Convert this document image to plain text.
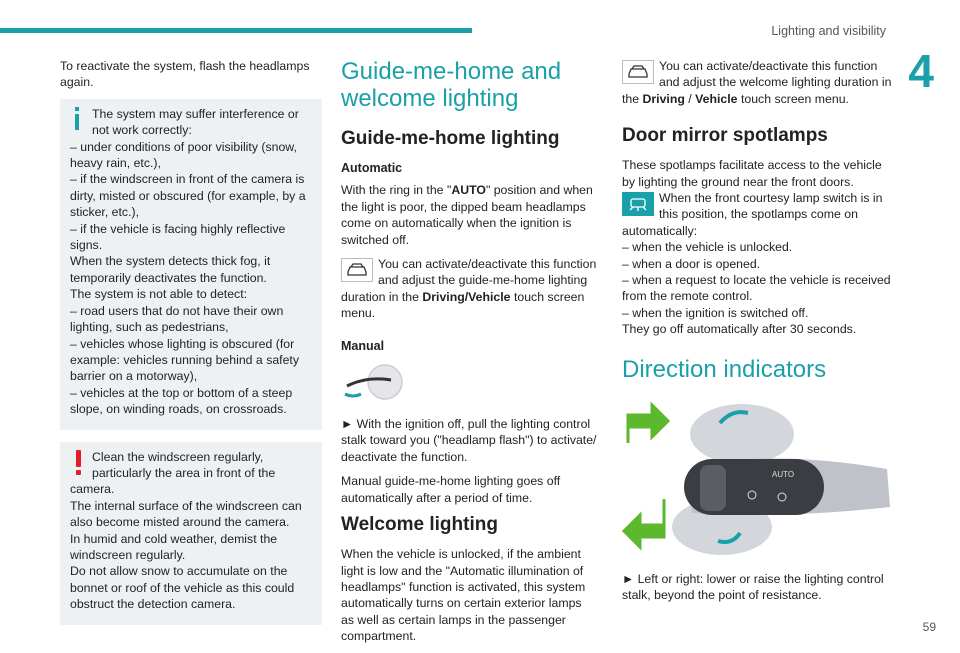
Lighting and visibility
4
59

To reactivate the system, flash the headlamps again.

The system may suffer interference or not work correctly:
– under conditions of poor visibility (snow, heavy rain, etc.),
– if the windscreen in front of the camera is dirty, misted or obscured (for example, by a sticker, etc.),
– if the vehicle is facing highly reflective signs.
When the system detects thick fog, it temporarily deactivates the function.
The system is not able to detect:
– road users that do not have their own lighting, such as pedestrians,
– vehicles whose lighting is obscured (for example: vehicles running behind a safety barrier on a motorway),
– vehicles at the top or bottom of a steep slope, on winding roads, on crossroads.
Clean the windscreen regularly, particularly the area in front of the camera.
The internal surface of the windscreen can also become misted around the camera.
In humid and cold weather, demist the windscreen regularly.
Do not allow snow to accumulate on the bonnet or roof of the vehicle as this could obstruct the detection camera.
Guide-me-home and welcome lighting
Guide-me-home lighting
Automatic

With the ring in the "AUTO" position and when the light is poor, the dipped beam headlamps come on automatically when the ignition is switched off.

You can activate/deactivate this function and adjust the guide-me-home lighting duration in the Driving/Vehicle touch screen menu.

Manual

► With the ignition off, pull the lighting control stalk toward you ("headlamp flash") to activate/ deactivate the function.

Manual guide-me-home lighting goes off automatically after a period of time.

Welcome lighting

When the vehicle is unlocked, if the ambient light is low and the "Automatic illumination of headlamps" function is activated, this system automatically turns on certain exterior lamps as well as certain lamps in the passenger compartment.

You can activate/deactivate this function and adjust the welcome lighting duration in the Driving / Vehicle touch screen menu.

Door mirror spotlamps

These spotlamps facilitate access to the vehicle by lighting the ground near the front doors.

When the front courtesy lamp switch is in this position, the spotlamps come on automatically:
– when the vehicle is unlocked.
– when a door is opened.
– when a request to locate the vehicle is received from the remote control.
– when the ignition is switched off.

They go off automatically after 30 seconds.

Direction indicators
AUTO

► Left or right: lower or raise the lighting control stalk, beyond the point of resistance.
